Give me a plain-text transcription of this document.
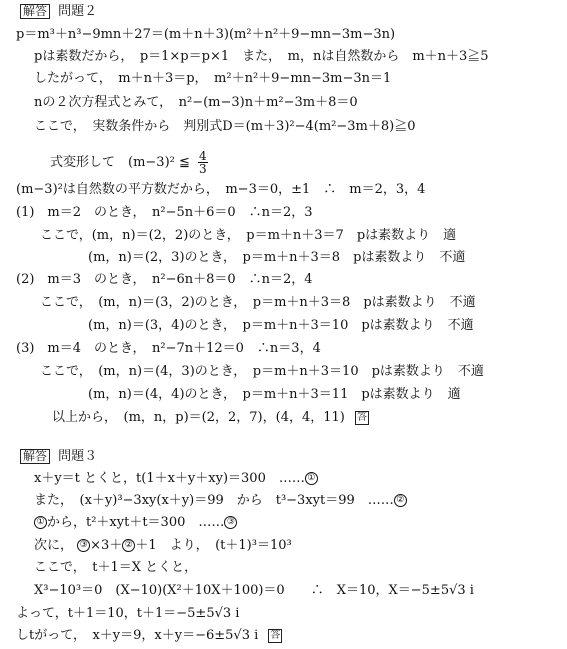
解答 問題２
p＝m³＋n³−9mn＋27＝(m＋n＋3)(m²＋n²＋9−mn−3m−3n)
pは素数だから，　p＝1×p＝p×1　また，　m，nは自然数から　m＋n＋3≧5
したがって，　m＋n＋3＝p，　m²＋n²＋9−mn−3m−3n＝1
nの２次方程式とみて，　n²−(m−3)n＋m²−3m＋8＝0
ここで，　実数条件から　判別式D＝(m＋3)²−4(m²−3m＋8)≧0
式変形して　(m−3)² ≦ $\frac{4}{3}$
(m−3)²は自然数の平方数だから，　m−3＝0，±1　∴　m＝2，3，4
(1)　m＝2　のとき，　n²−5n＋6＝0　∴n＝2，3
ここで，(m，n)＝(2，2)のとき，　p＝m＋n＋3＝7　pは素数より　適
(m，n)＝(2，3)のとき，　p＝m＋n＋3＝8　pは素数より　不適
(2)　m＝3　のとき，　n²−6n＋8＝0　∴n＝2，4
ここで，　(m，n)＝(3，2)のとき，　p＝m＋n＋3＝8　pは素数より　不適
(m，n)＝(3，4)のとき，　p＝m＋n＋3＝10　pは素数より　不適
(3)　m＝4　のとき，　n²−7n＋12＝0　∴n＝3，4
ここで，　(m，n)＝(4，3)のとき，　p＝m＋n＋3＝10　pは素数より　不適
(m，n)＝(4，4)のとき，　p＝m＋n＋3＝11　pは素数より　適
以上から，　(m，n，p)＝(2，2，7)，(4，4，11) 答
解答 問題３
x＋y＝t とくと，t(1＋x＋y＋xy)＝300　…… ①
また，　(x＋y)³−3xy(x＋y)＝99　から　t³−3xyt＝99　…… ②
① から，t²＋xyt＋t＝300　…… ③
次に， ③ ×3＋ ② ＋1　より，　(t＋1)³＝10³
ここで，　t＋1＝X とくと，
X³−10³＝0　(X−10)(X²＋10X＋100)＝0　　∴　X＝10，X＝−5±5√3 i
よって，t＋1＝10，t＋1＝−5±5√3 i
しtがって，　x＋y＝9，x＋y＝−6±5√3 i 答
